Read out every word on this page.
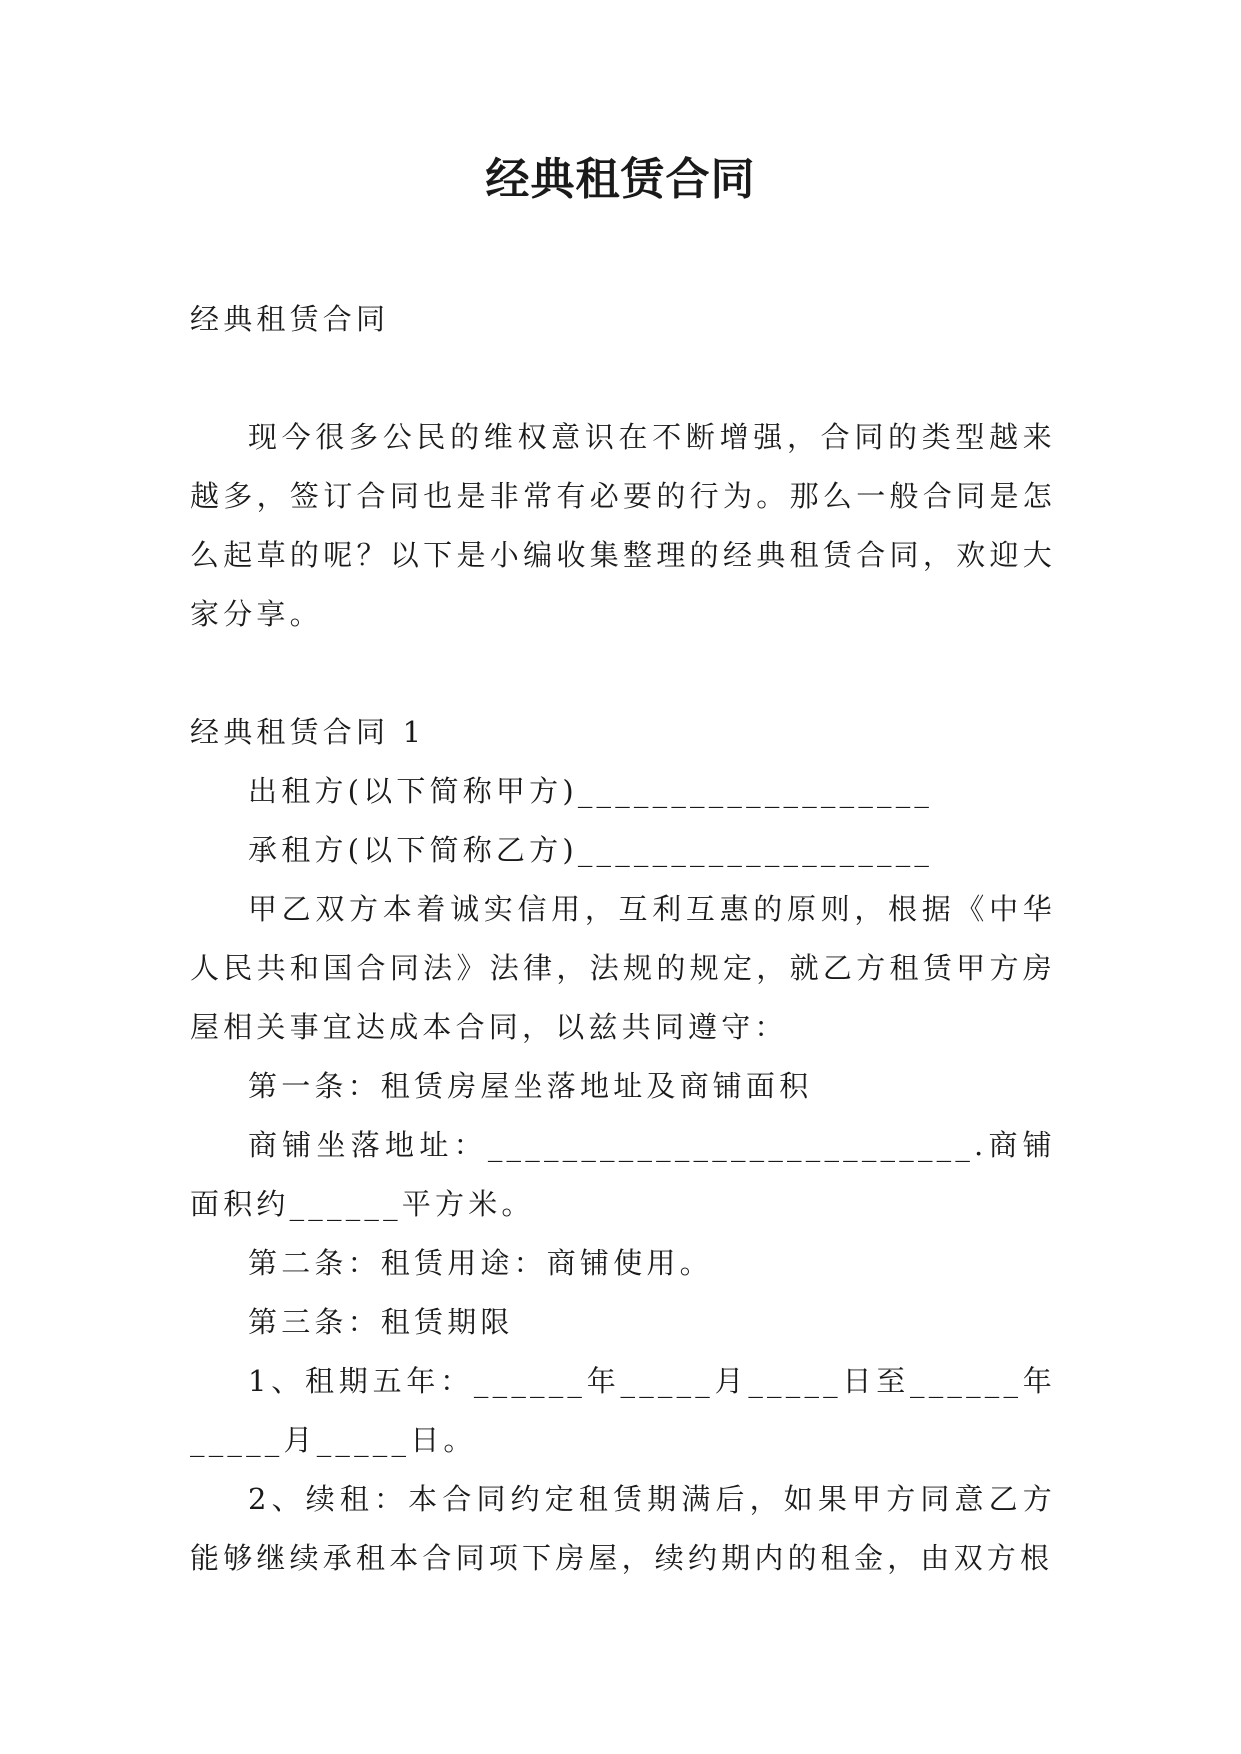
经典租赁合同

经典租赁合同

现今很多公民的维权意识在不断增强，合同的类型越来越多，签订合同也是非常有必要的行为。那么一般合同是怎么起草的呢？以下是小编收集整理的经典租赁合同，欢迎大家分享。

经典租赁合同 1

出租方(以下简称甲方)___________________

承租方(以下简称乙方)___________________

甲乙双方本着诚实信用，互利互惠的原则，根据《中华人民共和国合同法》法律，法规的规定，就乙方租赁甲方房屋相关事宜达成本合同，以兹共同遵守：

第一条：租赁房屋坐落地址及商铺面积

商铺坐落地址：__________________________.商铺面积约______平方米。

第二条：租赁用途：商铺使用。

第三条：租赁期限

1、租期五年：______年_____月_____日至______年_____月_____日。

2、续租：本合同约定租赁期满后，如果甲方同意乙方能够继续承租本合同项下房屋，续约期内的租金，由双方根
